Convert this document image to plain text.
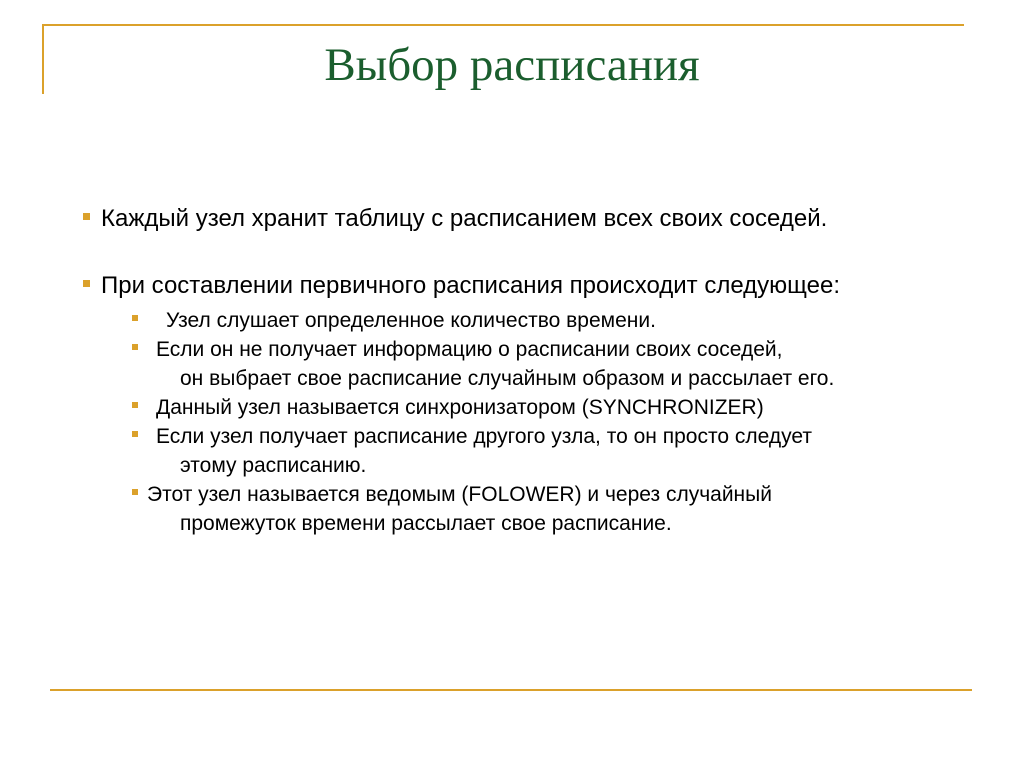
Выбор расписания
Каждый узел хранит таблицу с расписанием всех своих соседей.
При составлении первичного расписания происходит следующее:
Узел слушает определенное количество времени.
Если он не получает информацию о расписании своих соседей,
он выбрает свое расписание случайным образом и рассылает его.
Данный узел называется синхронизатором (SYNCHRONIZER)
Если узел получает расписание другого узла, то он просто следует
этому расписанию.
Этот узел называется ведомым (FOLOWER) и через случайный
промежуток времени рассылает свое расписание.
